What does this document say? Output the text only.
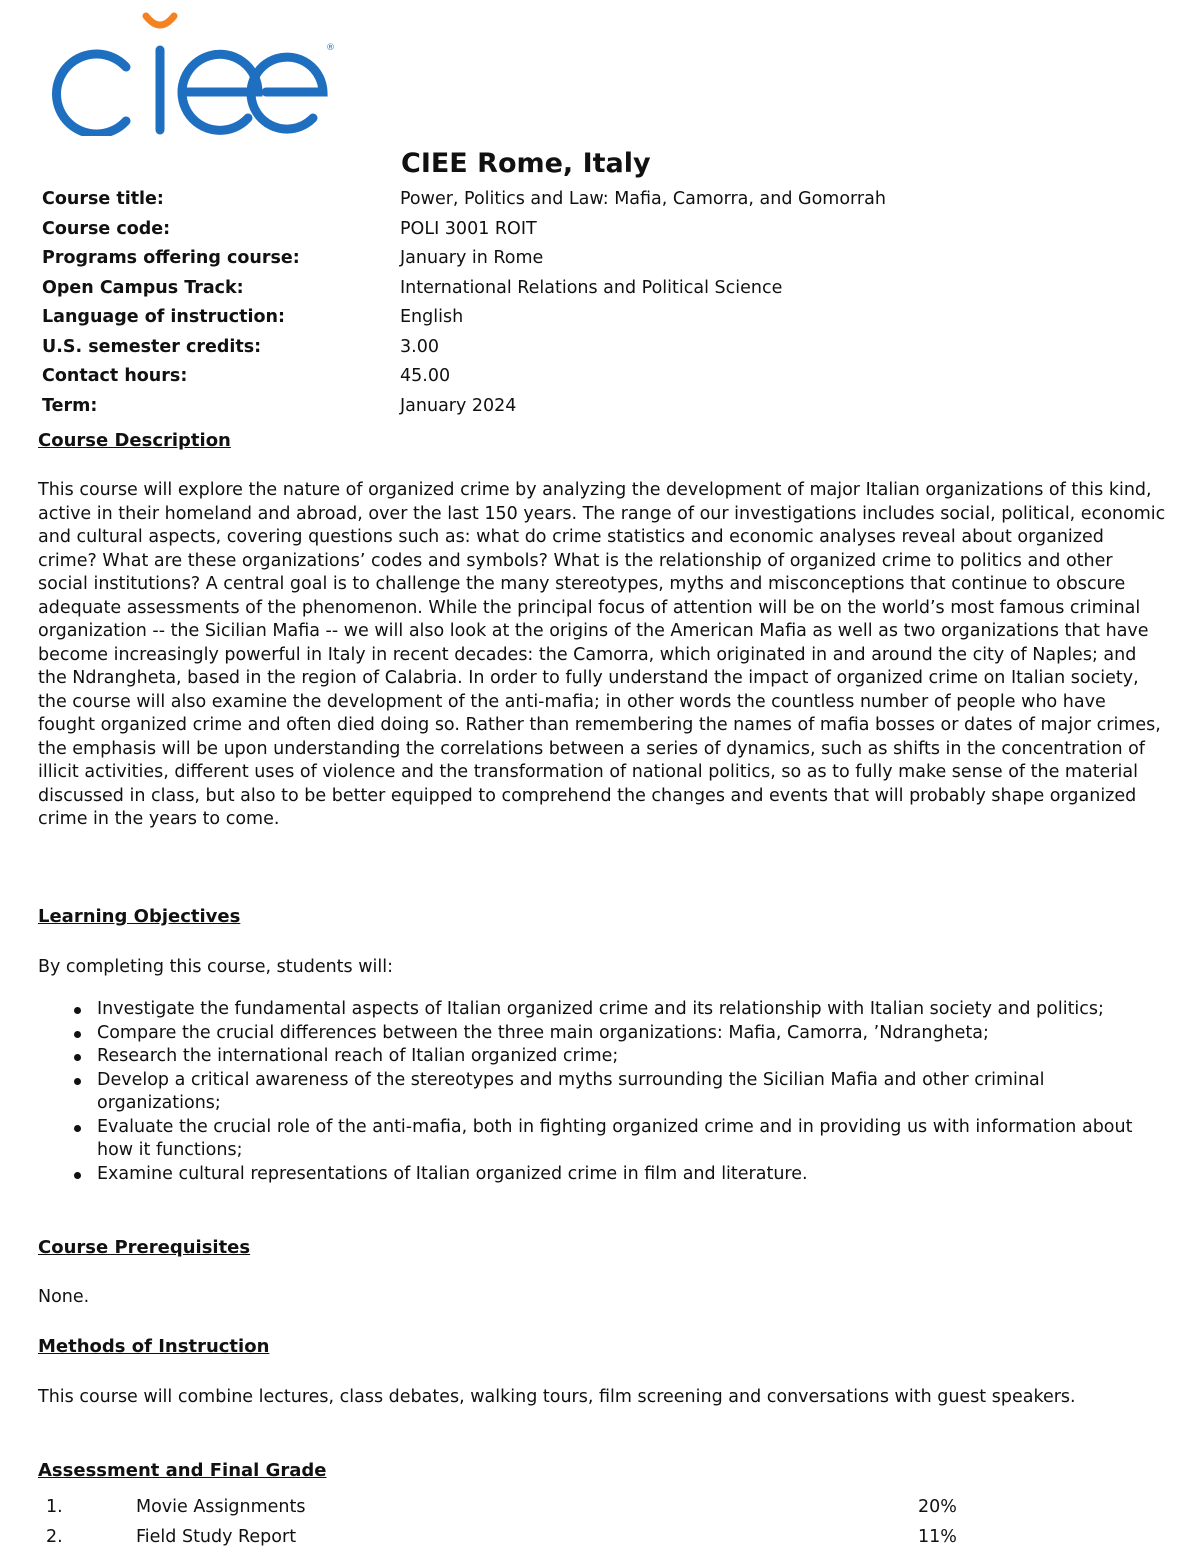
®
CIEE Rome, Italy
Course title:	Power, Politics and Law: Mafia, Camorra, and Gomorrah
Course code:	POLI 3001 ROIT
Programs offering course:	January in Rome
Open Campus Track:	International Relations and Political Science
Language of instruction:	English
U.S. semester credits:	3.00
Contact hours:	45.00
Term:	January 2024
Course Description

This course will explore the nature of organized crime by analyzing the development of major Italian organizations of this kind, active in their homeland and abroad, over the last 150 years. The range of our investigations includes social, political, economic and cultural aspects, covering questions such as: what do crime statistics and economic analyses reveal about organized crime? What are these organizations’ codes and symbols? What is the relationship of organized crime to politics and other social institutions? A central goal is to challenge the many stereotypes, myths and misconceptions that continue to obscure adequate assessments of the phenomenon. While the principal focus of attention will be on the world’s most famous criminal organization -- the Sicilian Mafia -- we will also look at the origins of the American Mafia as well as two organizations that have become increasingly powerful in Italy in recent decades: the Camorra, which originated in and around the city of Naples; and the Ndrangheta, based in the region of Calabria. In order to fully understand the impact of organized crime on Italian society, the course will also examine the development of the anti-mafia; in other words the countless number of people who have fought organized crime and often died doing so. Rather than remembering the names of mafia bosses or dates of major crimes, the emphasis will be upon understanding the correlations between a series of dynamics, such as shifts in the concentration of illicit activities, different uses of violence and the transformation of national politics, so as to fully make sense of the material discussed in class, but also to be better equipped to comprehend the changes and events that will probably shape organized crime in the years to come.

Learning Objectives

By completing this course, students will:

Investigate the fundamental aspects of Italian organized crime and its relationship with Italian society and politics;
Compare the crucial differences between the three main organizations: Mafia, Camorra, ’Ndrangheta;
Research the international reach of Italian organized crime;
Develop a critical awareness of the stereotypes and myths surrounding the Sicilian Mafia and other criminal organizations;
Evaluate the crucial role of the anti-mafia, both in fighting organized crime and in providing us with information about how it functions;
Examine cultural representations of Italian organized crime in film and literature.
Course Prerequisites

None.

Methods of Instruction

This course will combine lectures, class debates, walking tours, film screening and conversations with guest speakers.

Assessment and Final Grade
1.	Movie Assignments	20%
2.	Field Study Report	11%
